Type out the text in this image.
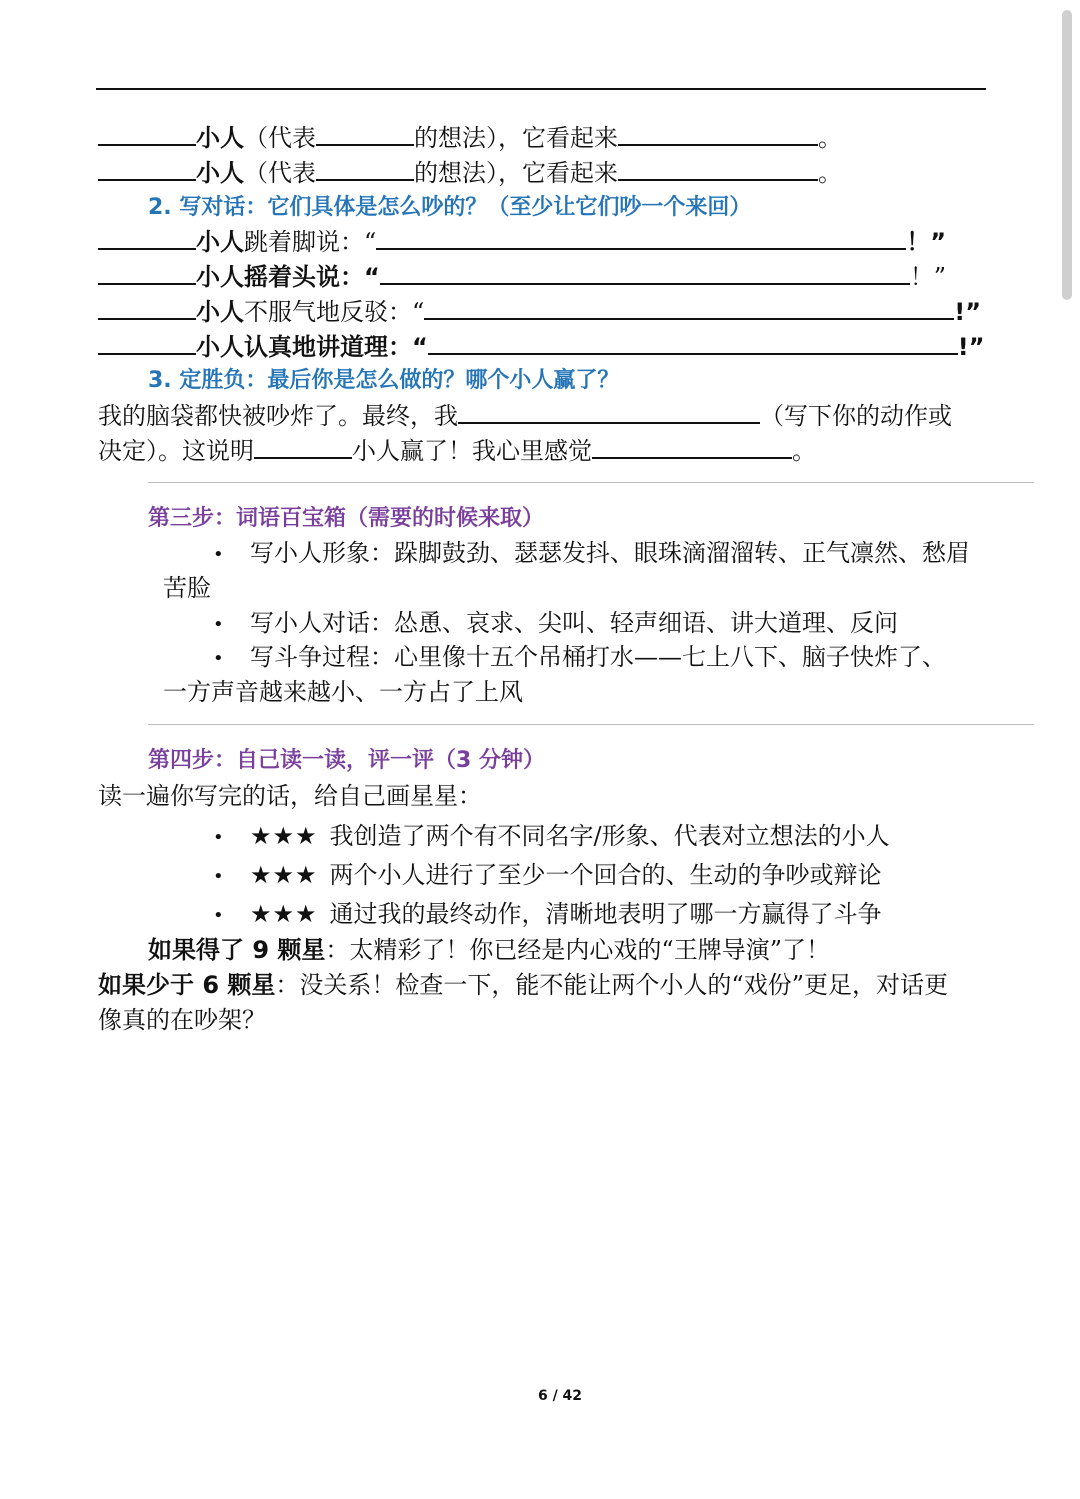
小人（代表	的想法），它看起来	。
小人（代表	的想法），它看起来	。
2. 写对话：它们具体是怎么吵的？（至少让它们吵一个来回）
小人跳着脚说：“	！”
小人摇着头说：“	！”
小人不服气地反驳：“	!”
小人认真地讲道理：“	!”
3. 定胜负：最后你是怎么做的？哪个小人赢了？
我的脑袋都快被吵炸了。最终，我	（写下你的动作或
决定）。这说明	小人赢了！我心里感觉	。
第三步：词语百宝箱（需要的时候来取）
• 写小人形象：跺脚鼓劲、瑟瑟发抖、眼珠滴溜溜转、正气凛然、愁眉
苦脸
• 写小人对话：怂恿、哀求、尖叫、轻声细语、讲大道理、反问
• 写斗争过程：心里像十五个吊桶打水——七上八下、脑子快炸了、
一方声音越来越小、一方占了上风
第四步：自己读一读，评一评（3 分钟）
读一遍你写完的话，给自己画星星：
• ★★★ 我创造了两个有不同名字/形象、代表对立想法的小人
• ★★★ 两个小人进行了至少一个回合的、生动的争吵或辩论
• ★★★ 通过我的最终动作，清晰地表明了哪一方赢得了斗争
如果得了 9 颗星：太精彩了！你已经是内心戏的“王牌导演”了！
如果少于 6 颗星：没关系！检查一下，能不能让两个小人的“戏份”更足，对话更
像真的在吵架？
6 / 42
